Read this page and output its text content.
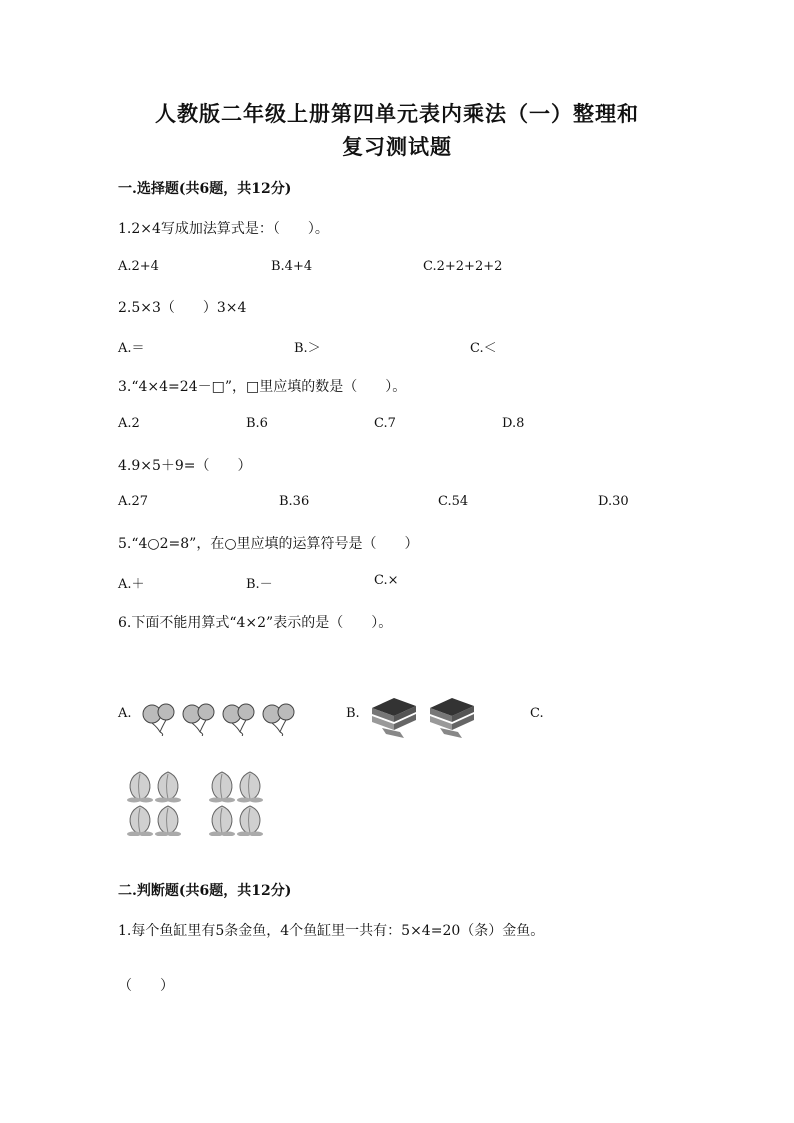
人教版二年级上册第四单元表内乘法（一）整理和
复习测试题
一.选择题(共6题，共12分)
1.2×4写成加法算式是：（　　）。
A.2+4	B.4+4	C.2+2+2+2
2.5×3（　　）3×4
A.＝	B.＞	C.＜
3.“4×4=24－□”，□里应填的数是（　　）。
A.2	B.6	C.7	D.8
4.9×5＋9=（　　）
A.27	B.36	C.54	D.30
5.“4○2=8”，在○里应填的运算符号是（　　）
A.＋	B.－	C.×
6.下面不能用算式“4×2”表示的是（　　）。
A.	B.	C.
二.判断题(共6题，共12分)
1.每个鱼缸里有5条金鱼，4个鱼缸里一共有：5×4=20（条）金鱼。
（　　）
